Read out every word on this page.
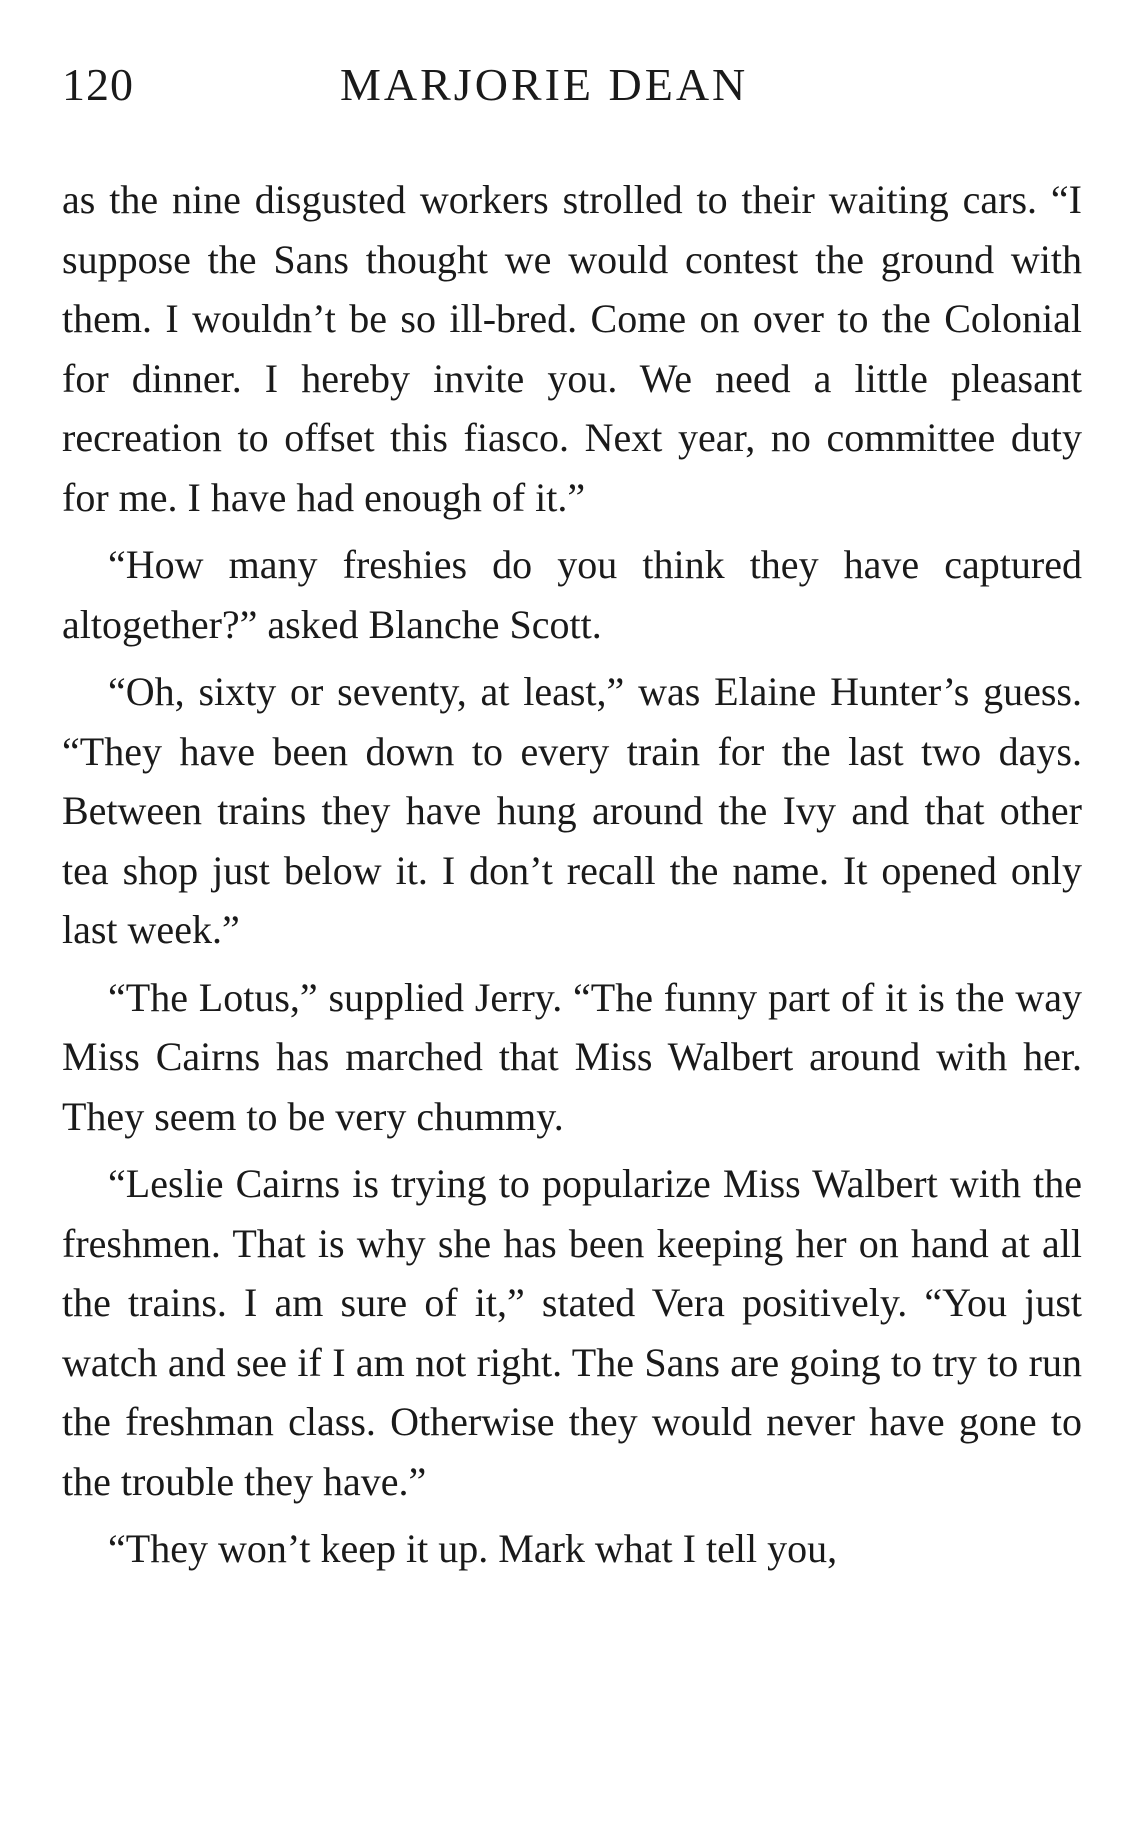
120	MARJORIE DEAN

as the nine disgusted workers strolled to their waiting cars. “I suppose the Sans thought we would contest the ground with them. I wouldn’t be so ill-bred. Come on over to the Colonial for dinner. I hereby invite you. We need a little pleasant recreation to offset this fiasco. Next year, no committee duty for me. I have had enough of it.”

“How many freshies do you think they have captured altogether?” asked Blanche Scott.

“Oh, sixty or seventy, at least,” was Elaine Hunter’s guess. “They have been down to every train for the last two days. Between trains they have hung around the Ivy and that other tea shop just below it. I don’t recall the name. It opened only last week.”

“The Lotus,” supplied Jerry. “The funny part of it is the way Miss Cairns has marched that Miss Walbert around with her. They seem to be very chummy.

“Leslie Cairns is trying to popularize Miss Walbert with the freshmen. That is why she has been keeping her on hand at all the trains. I am sure of it,” stated Vera positively. “You just watch and see if I am not right. The Sans are going to try to run the freshman class. Otherwise they would never have gone to the trouble they have.”

“They won’t keep it up. Mark what I tell you,
